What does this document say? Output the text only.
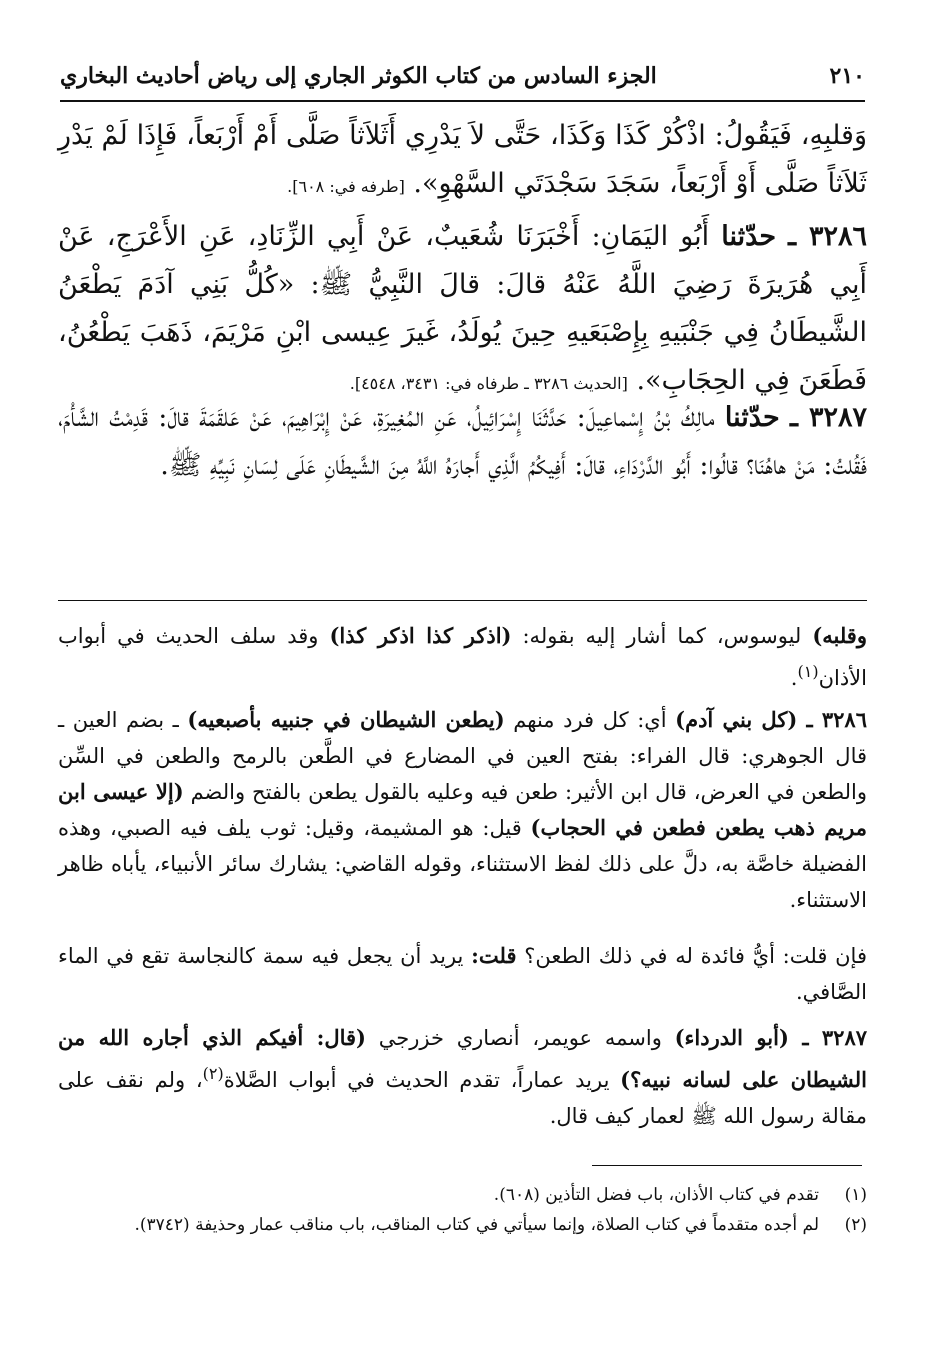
٢١٠
الجزء السادس من كتاب الكوثر الجاري إلى رياض أحاديث البخاري
وَقلبِهِ، فَيَقُولُ: اذْكُرْ كَذَا وَكَذَا، حَتَّى لاَ يَدْرِي أَثَلاَثاً صَلَّى أَمْ أَرْبَعاً، فَإِذَا لَمْ يَدْرِ ثَلاَثاً صَلَّى أَوْ أَرْبَعاً، سَجَدَ سَجْدَتَي السَّهْوِ». [طرفه في: ٦٠٨].
٣٢٨٦ ـ حدّثنا أَبُو اليَمَانِ: أَخْبَرَنَا شُعَيبٌ، عَنْ أَبِي الزِّنَادِ، عَنِ الأَعْرَجِ، عَنْ أَبِي هُرَيرَةَ رَضِيَ اللَّهُ عَنْهُ قالَ: قالَ النَّبِيُّ ﷺ: «كُلُّ بَنِي آدَمَ يَطْعَنُ الشَّيطَانُ فِي جَنْبَيهِ بِإِصْبَعَيهِ حِينَ يُولَدُ، غَيرَ عِيسى ابْنِ مَرْيَمَ، ذَهَبَ يَطْعُنُ، فَطَعَنَ فِي الحِجَابِ». [الحديث ٣٢٨٦ ـ طرفاه في: ٣٤٣١، ٤٥٤٨].
٣٢٨٧ ـ حدّثنا مالِكُ بْنُ إِسْماعِيلَ: حَدَّثَنَا إِسْرَائِيلُ، عَنِ المُغِيرَةِ، عَنْ إِبْرَاهِيمَ، عَنْ عَلقَمَةَ قالَ: قَدِمْتُ الشَّأْمَ، فَقُلتُ: مَنْ هاهُنَا؟ قالُوا: أَبُو الدَّرْدَاءِ، قالَ: أَفِيكُمُ الَّذِي أَجارَهُ اللَّهُ مِنَ الشَّيطَانِ عَلَى لِسَانِ نَبِيِّهِ ﷺ.
وقلبه) ليوسوس، كما أشار إليه بقوله: (اذكر كذا اذكر كذا) وقد سلف الحديث في أبواب الأذان$^{(١)}$.
٣٢٨٦ ـ (كل بني آدم) أي: كل فرد منهم (يطعن الشيطان في جنبيه بأصبعيه) ـ بضم العين ـ قال الجوهري: قال الفراء: بفتح العين في المضارع في الطَّعن بالرمح والطعن في السِّن والطعن في العرض، قال ابن الأثير: طعن فيه وعليه بالقول يطعن بالفتح والضم (إلا عيسى ابن مريم ذهب يطعن فطعن في الحجاب) قيل: هو المشيمة، وقيل: ثوب يلف فيه الصبي، وهذه الفضيلة خاصَّة به، دلَّ على ذلك لفظ الاستثناء، وقوله القاضي: يشارك سائر الأنبياء، يأباه ظاهر الاستثناء.
فإن قلت: أيُّ فائدة له في ذلك الطعن؟ قلت: يريد أن يجعل فيه سمة كالنجاسة تقع في الماء الصَّافي.
٣٢٨٧ ـ (أبو الدرداء) واسمه عويمر، أنصاري خزرجي (قال: أفيكم الذي أجاره الله من الشيطان على لسانه نبيه؟) يريد عماراً، تقدم الحديث في أبواب الصَّلاة$^{(٢)}$، ولم نقف على مقالة رسول الله ﷺ لعمار كيف قال.
(١)
تقدم في كتاب الأذان، باب فضل التأذين (٦٠٨).
(٢)
لم أجده متقدماً في كتاب الصلاة، وإنما سيأتي في كتاب المناقب، باب مناقب عمار وحذيفة (٣٧٤٢).
